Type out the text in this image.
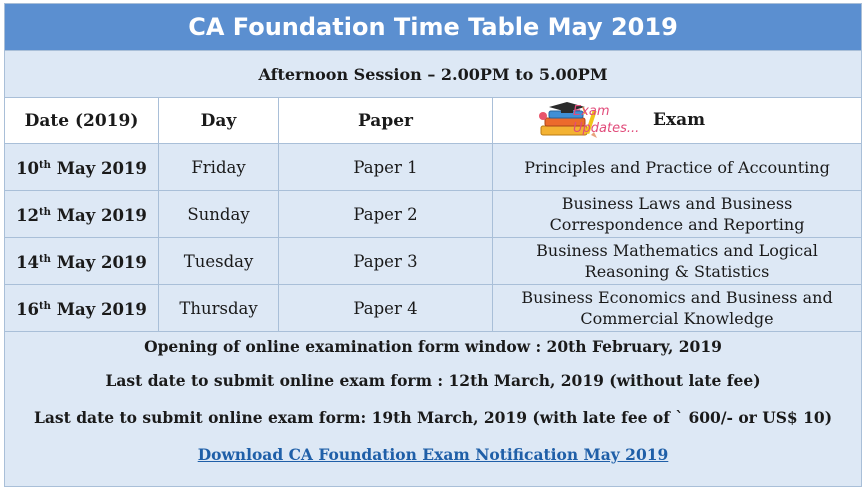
CA Foundation Time Table May 2019			
Afternoon Session – 2.00PM to 5.00PM			
Date (2019)	Day	Paper	Exam
Updates... Exam

10th May 2019	Friday	Paper 1	Principles and Practice of Accounting

12th May 2019	Sunday	Paper 2	Business Laws and Business
Correspondence and Reporting

14th May 2019	Tuesday	Paper 3	Business Mathematics and Logical
Reasoning & Statistics

16th May 2019	Thursday	Paper 4	Business Economics and Business and
Commercial Knowledge

Opening of online examination form window : 20th February, 2019

Last date to submit online exam form : 12th March, 2019 (without late fee)

Last date to submit online exam form: 19th March, 2019 (with late fee of ` 600/- or US$ 10)

Download CA Foundation Exam Notification May 2019			
